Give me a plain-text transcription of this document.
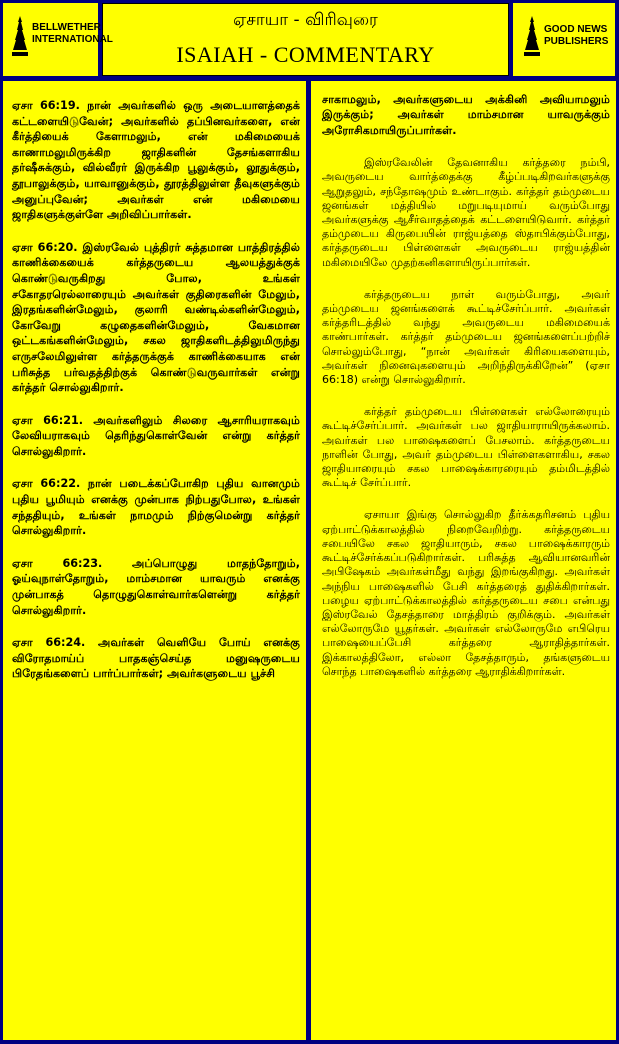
BELLWETHER
INTERNATIONAL
GOOD NEWS
PUBLISHERS
ஏசாயா - விரிவுரை
ISAIAH - COMMENTARY

ஏசா 66:19. நான் அவர்களில் ஒரு அடையாளத்தைக் கட்டளையிடுவேன்; அவர்களில் தப்பினவர்களை, என் கீர்த்தியைக் கேளாமலும், என் மகிமையைக் காணாமலுமிருக்கிற ஜாதிகளின் தேசங்களாகிய தர்ஷீசுக்கும், வில்வீரர் இருக்கிற பூலுக்கும், லூதுக்கும், தூபாலுக்கும், யாவானுக்கும், தூரத்திலுள்ள தீவுகளுக்கும் அனுப்புவேன்; அவர்கள் என் மகிமையை ஜாதிகளுக்குள்ளே அறிவிப்பார்கள்.

ஏசா 66:20. இஸ்ரவேல் புத்திரர் சுத்தமான பாத்திரத்தில் காணிக்கையைக் கர்த்தருடைய ஆலயத்துக்குக் கொண்டுவருகிறது போல, உங்கள் சகோதரரெல்லாரையும் அவர்கள் குதிரைகளின் மேலும், இரதங்களின்மேலும், குலாரி வண்டில்களின்மேலும், கோவேறு கழுதைகளின்மேலும், வேகமான ஒட்டகங்களின்மேலும், சகல ஜாதிகளிடத்திலுமிருந்து எருசலேமிலுள்ள கர்த்தருக்குக் காணிக்கையாக என் பரிசுத்த பர்வதத்திற்குக் கொண்டுவருவார்கள் என்று கர்த்தர் சொல்லுகிறார்.

ஏசா 66:21. அவர்களிலும் சிலரை ஆசாரியராகவும் லேவியராகவும் தெரிந்துகொள்வேன் என்று கர்த்தர் சொல்லுகிறார்.

ஏசா 66:22. நான் படைக்கப்போகிற புதிய வானமும் புதிய பூமியும் எனக்கு முன்பாக நிற்பதுபோல, உங்கள் சந்ததியும், உங்கள் நாமமும் நிற்குமென்று கர்த்தர் சொல்லுகிறார்.

ஏசா 66:23. அப்பொழுது மாதந்தோறும், ஓய்வுநாள்தோறும், மாம்சமான யாவரும் எனக்கு முன்பாகத் தொழுதுகொள்வார்களென்று கர்த்தர் சொல்லுகிறார்.

ஏசா 66:24. அவர்கள் வெளியே போய் எனக்கு விரோதமாய்ப் பாதகஞ்செய்த மனுஷருடைய பிரேதங்களைப் பார்ப்பார்கள்; அவர்களுடைய பூச்சி

சாகாமலும், அவர்களுடைய அக்கினி அவியாமலும் இருக்கும்; அவர்கள் மாம்சமான யாவருக்கும் அரோசிகமாயிருப்பார்கள்.

இஸ்ரவேலின் தேவனாகிய கர்த்தரை நம்பி, அவருடைய வார்த்தைக்கு கீழ்ப்படிகிறவர்களுக்கு ஆறுதலும், சந்தோஷமும் உண்டாகும். கர்த்தர் தம்முடைய ஜனங்கள் மத்தியில் மறுபடியுமாய் வரும்போது அவர்களுக்கு ஆசீர்வாதத்தைக் கட்டளையிடுவார். கர்த்தர் தம்முடைய கிருபையின் ராஜ்யத்தை ஸ்தாபிக்கும்போது, கர்த்தருடைய பிள்ளைகள் அவருடைய ராஜ்யத்தின் மகிமையிலே முதற்கனிகளாயிருப்பார்கள்.

கர்த்தருடைய நாள் வரும்போது, அவர் தம்முடைய ஜனங்களைக் கூட்டிச்சேர்ப்பார். அவர்கள் கர்த்தரிடத்தில் வந்து அவருடைய மகிமையைக் காண்பார்கள். கர்த்தர் தம்முடைய ஜனங்களைப்பற்றிச் சொல்லும்போது, “நான் அவர்கள் கிரியைகளையும், அவர்கள் நினைவுகளையும் அறிந்திருக்கிறேன்” (ஏசா 66:18) என்று சொல்லுகிறார்.

கர்த்தர் தம்முடைய பிள்ளைகள் எல்லோரையும் கூட்டிச்சேர்ப்பார். அவர்கள் பல ஜாதியாராயிருக்கலாம். அவர்கள் பல பாஷைகளைப் பேசலாம். கர்த்தருடைய நாளின் போது, அவர் தம்முடைய பிள்ளைகளாகிய, சகல ஜாதியாரையும் சகல பாஷைக்காரரையும் தம்மிடத்தில் கூட்டிச் சேர்ப்பார்.

ஏசாயா இங்கு சொல்லுகிற தீர்க்கதரிசனம் புதிய ஏற்பாட்டுக்காலத்தில் நிறைவேறிற்று. கர்த்தருடைய சபையிலே சகல ஜாதியாரும், சகல பாஷைக்காரரும் கூட்டிச்சேர்க்கப்படுகிறார்கள். பரிசுத்த ஆவியானவரின் அபிஷேகம் அவர்கள்மீது வந்து இறங்குகிறது. அவர்கள் அந்நிய பாஷைகளில் பேசி கர்த்தரைத் துதிக்கிறார்கள். பழைய ஏற்பாட்டுக்காலத்தில் கர்த்தருடைய சபை என்பது இஸ்ரவேல் தேசத்தாரை மாத்திரம் குறிக்கும். அவர்கள் எல்லோருமே யூதர்கள். அவர்கள் எல்லோருமே எபிரெய பாஷையைப்பேசி கர்த்தரை ஆராதித்தார்கள். இக்காலத்திலோ, எல்லா தேசத்தாரும், தங்களுடைய சொந்த பாஷைகளில் கர்த்தரை ஆராதிக்கிறார்கள்.
